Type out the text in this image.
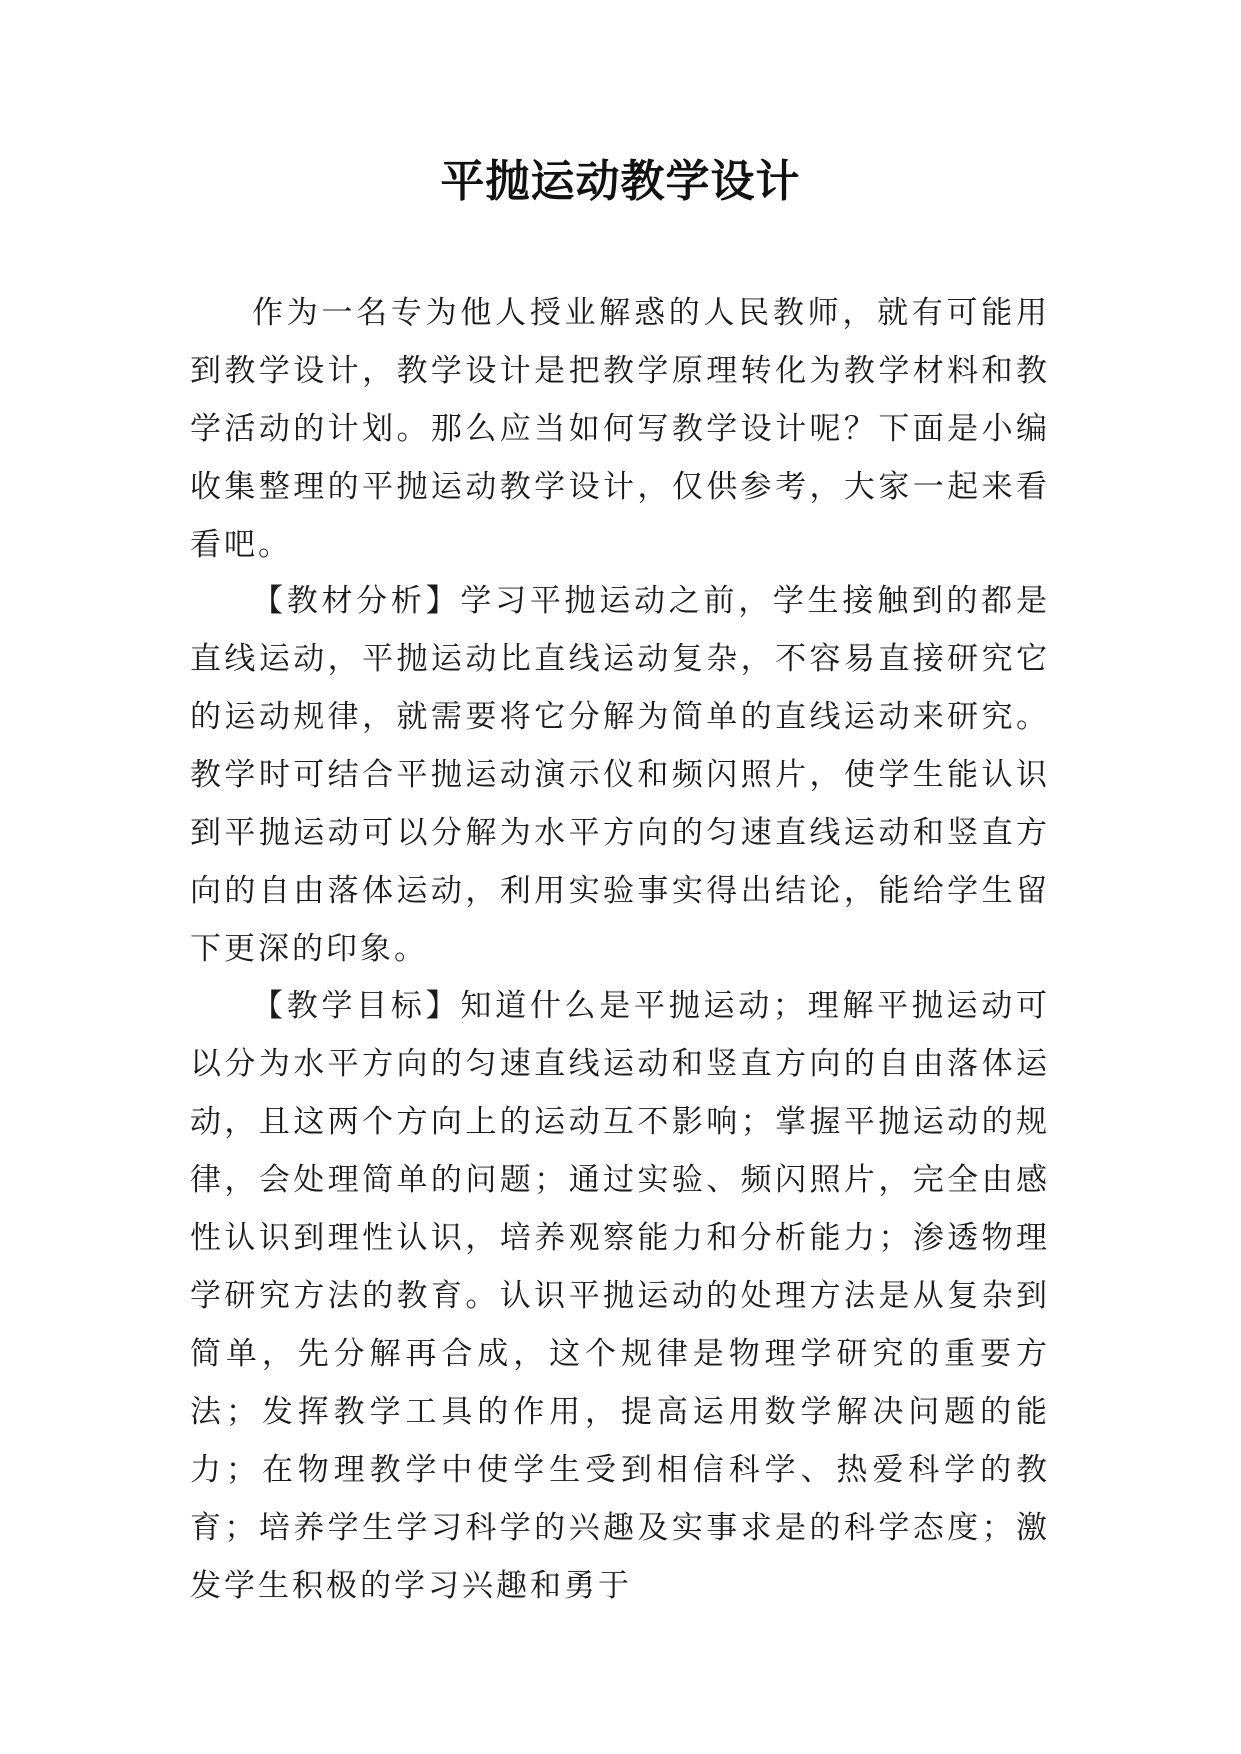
平抛运动教学设计

作为一名专为他人授业解惑的人民教师，就有可能用到教学设计，教学设计是把教学原理转化为教学材料和教学活动的计划。那么应当如何写教学设计呢？下面是小编收集整理的平抛运动教学设计，仅供参考，大家一起来看看吧。

【教材分析】学习平抛运动之前，学生接触到的都是直线运动，平抛运动比直线运动复杂，不容易直接研究它的运动规律，就需要将它分解为简单的直线运动来研究。教学时可结合平抛运动演示仪和频闪照片，使学生能认识到平抛运动可以分解为水平方向的匀速直线运动和竖直方向的自由落体运动，利用实验事实得出结论，能给学生留下更深的印象。

【教学目标】知道什么是平抛运动；理解平抛运动可以分为水平方向的匀速直线运动和竖直方向的自由落体运动，且这两个方向上的运动互不影响；掌握平抛运动的规律，会处理简单的问题；通过实验、频闪照片，完全由感性认识到理性认识，培养观察能力和分析能力；渗透物理学研究方法的教育。认识平抛运动的处理方法是从复杂到简单，先分解再合成，这个规律是物理学研究的重要方法；发挥教学工具的作用，提高运用数学解决问题的能力；在物理教学中使学生受到相信科学、热爱科学的教育；培养学生学习科学的兴趣及实事求是的科学态度；激发学生积极的学习兴趣和勇于
